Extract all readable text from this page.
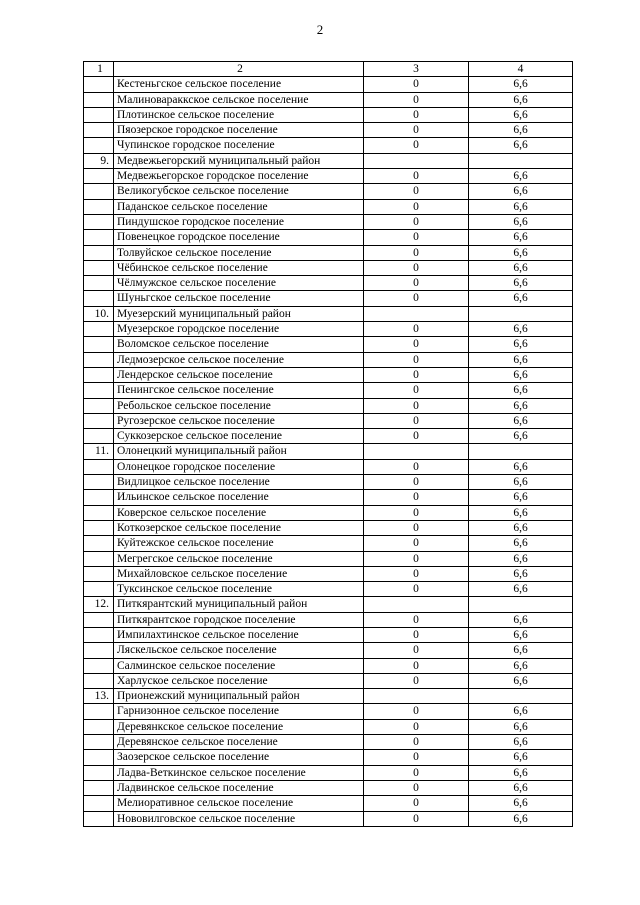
2
1	2	3	4
	Кестеньгское сельское поселение	0	6,6
	Малиновараккское сельское поселение	0	6,6
	Плотинское сельское поселение	0	6,6
	Пяозерское городское поселение	0	6,6
	Чупинское городское поселение	0	6,6
9.	Медвежьегорский муниципальный район		
	Медвежьегорское городское поселение	0	6,6
	Великогубское сельское поселение	0	6,6
	Паданское сельское поселение	0	6,6
	Пиндушское городское поселение	0	6,6
	Повенецкое городское поселение	0	6,6
	Толвуйское сельское поселение	0	6,6
	Чёбинское сельское поселение	0	6,6
	Чёлмужское сельское поселение	0	6,6
	Шуньгское сельское поселение	0	6,6
10.	Муезерский муниципальный район		
	Муезерское городское поселение	0	6,6
	Воломское сельское поселение	0	6,6
	Ледмозерское сельское поселение	0	6,6
	Лендерское сельское поселение	0	6,6
	Пенингское сельское поселение	0	6,6
	Ребольское сельское поселение	0	6,6
	Ругозерское сельское поселение	0	6,6
	Суккозерское сельское поселение	0	6,6
11.	Олонецкий муниципальный район		
	Олонецкое городское поселение	0	6,6
	Видлицкое сельское поселение	0	6,6
	Ильинское сельское поселение	0	6,6
	Коверское сельское поселение	0	6,6
	Коткозерское сельское поселение	0	6,6
	Куйтежское сельское поселение	0	6,6
	Мегрегское сельское поселение	0	6,6
	Михайловское сельское поселение	0	6,6
	Туксинское сельское поселение	0	6,6
12.	Питкярантский муниципальный район		
	Питкярантское городское поселение	0	6,6
	Импилахтинское сельское поселение	0	6,6
	Ляскельское сельское поселение	0	6,6
	Салминское сельское поселение	0	6,6
	Харлуское сельское поселение	0	6,6
13.	Прионежский муниципальный район		
	Гарнизонное сельское поселение	0	6,6
	Деревянкское сельское поселение	0	6,6
	Деревянское сельское поселение	0	6,6
	Заозерское сельское поселение	0	6,6
	Ладва-Веткинское сельское поселение	0	6,6
	Ладвинское сельское поселение	0	6,6
	Мелиоративное сельское поселение	0	6,6
	Нововилговское сельское поселение	0	6,6
